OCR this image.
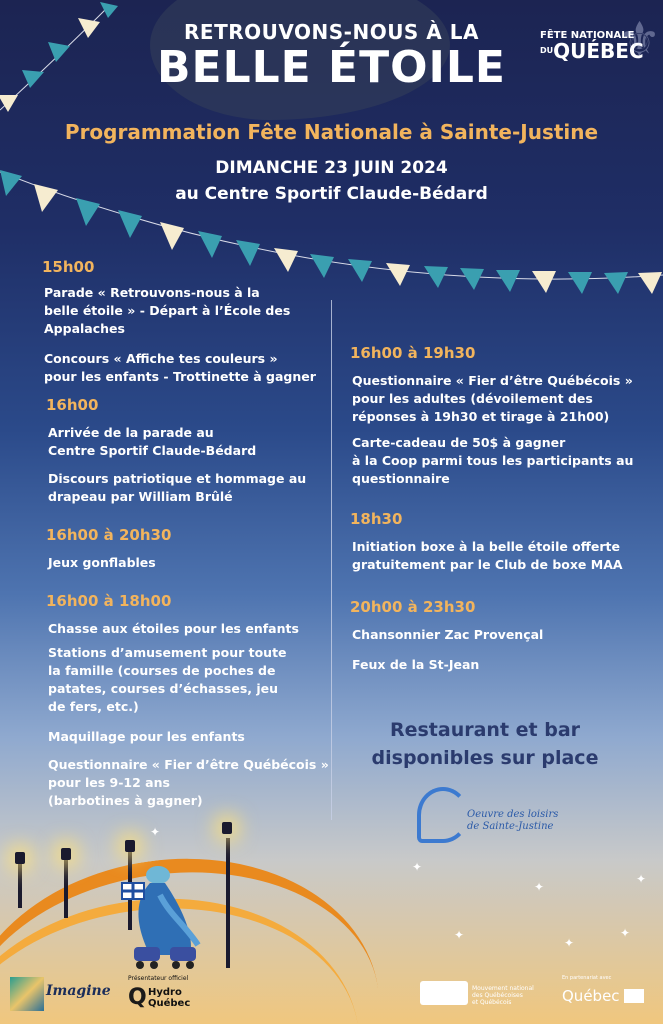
RETROUVONS-NOUS À LA
BELLE ÉTOILE	⚜
FÊTE NATIONALE
$^{DU}$QUÉBEC
Programmation Fête Nationale à Sainte-Justine
DIMANCHE 23 JUIN 2024
au Centre Sportif Claude-Bédard
15h00
Parade « Retrouvons-nous à la
belle étoile » - Départ à l’École des
Appalaches
Concours « Affiche tes couleurs »
pour les enfants - Trottinette à gagner
16h00
Arrivée de la parade au
Centre Sportif Claude-Bédard
Discours patriotique et hommage au
drapeau par William Brûlé
16h00 à 20h30
Jeux gonflables
16h00 à 18h00
Chasse aux étoiles pour les enfants
Stations d’amusement pour toute
la famille (courses de poches de
patates, courses d’échasses, jeu
de fers, etc.)
Maquillage pour les enfants
Questionnaire « Fier d’être Québécois »
pour les 9-12 ans
(barbotines à gagner)
16h00 à 19h30
Questionnaire « Fier d’être Québécois »
pour les adultes (dévoilement des
réponses à 19h30 et tirage à 21h00)
Carte-cadeau de 50$ à gagner
à la Coop parmi tous les participants au
questionnaire
18h30
Initiation boxe à la belle étoile offerte
gratuitement par le Club de boxe MAA
20h00 à 23h30
Chansonnier Zac Provençal
Feux de la St-Jean
Restaurant et bar
disponibles sur place
Oeuvre des loisirs
de Sainte-Justine
✦
✦
✦
✦
✦
✦
✦
Imagine
Présentateur officiel
Q Hydro
Québec
Mouvement national
des Québécoises
et Québécois
En partenariat avec
Québec
